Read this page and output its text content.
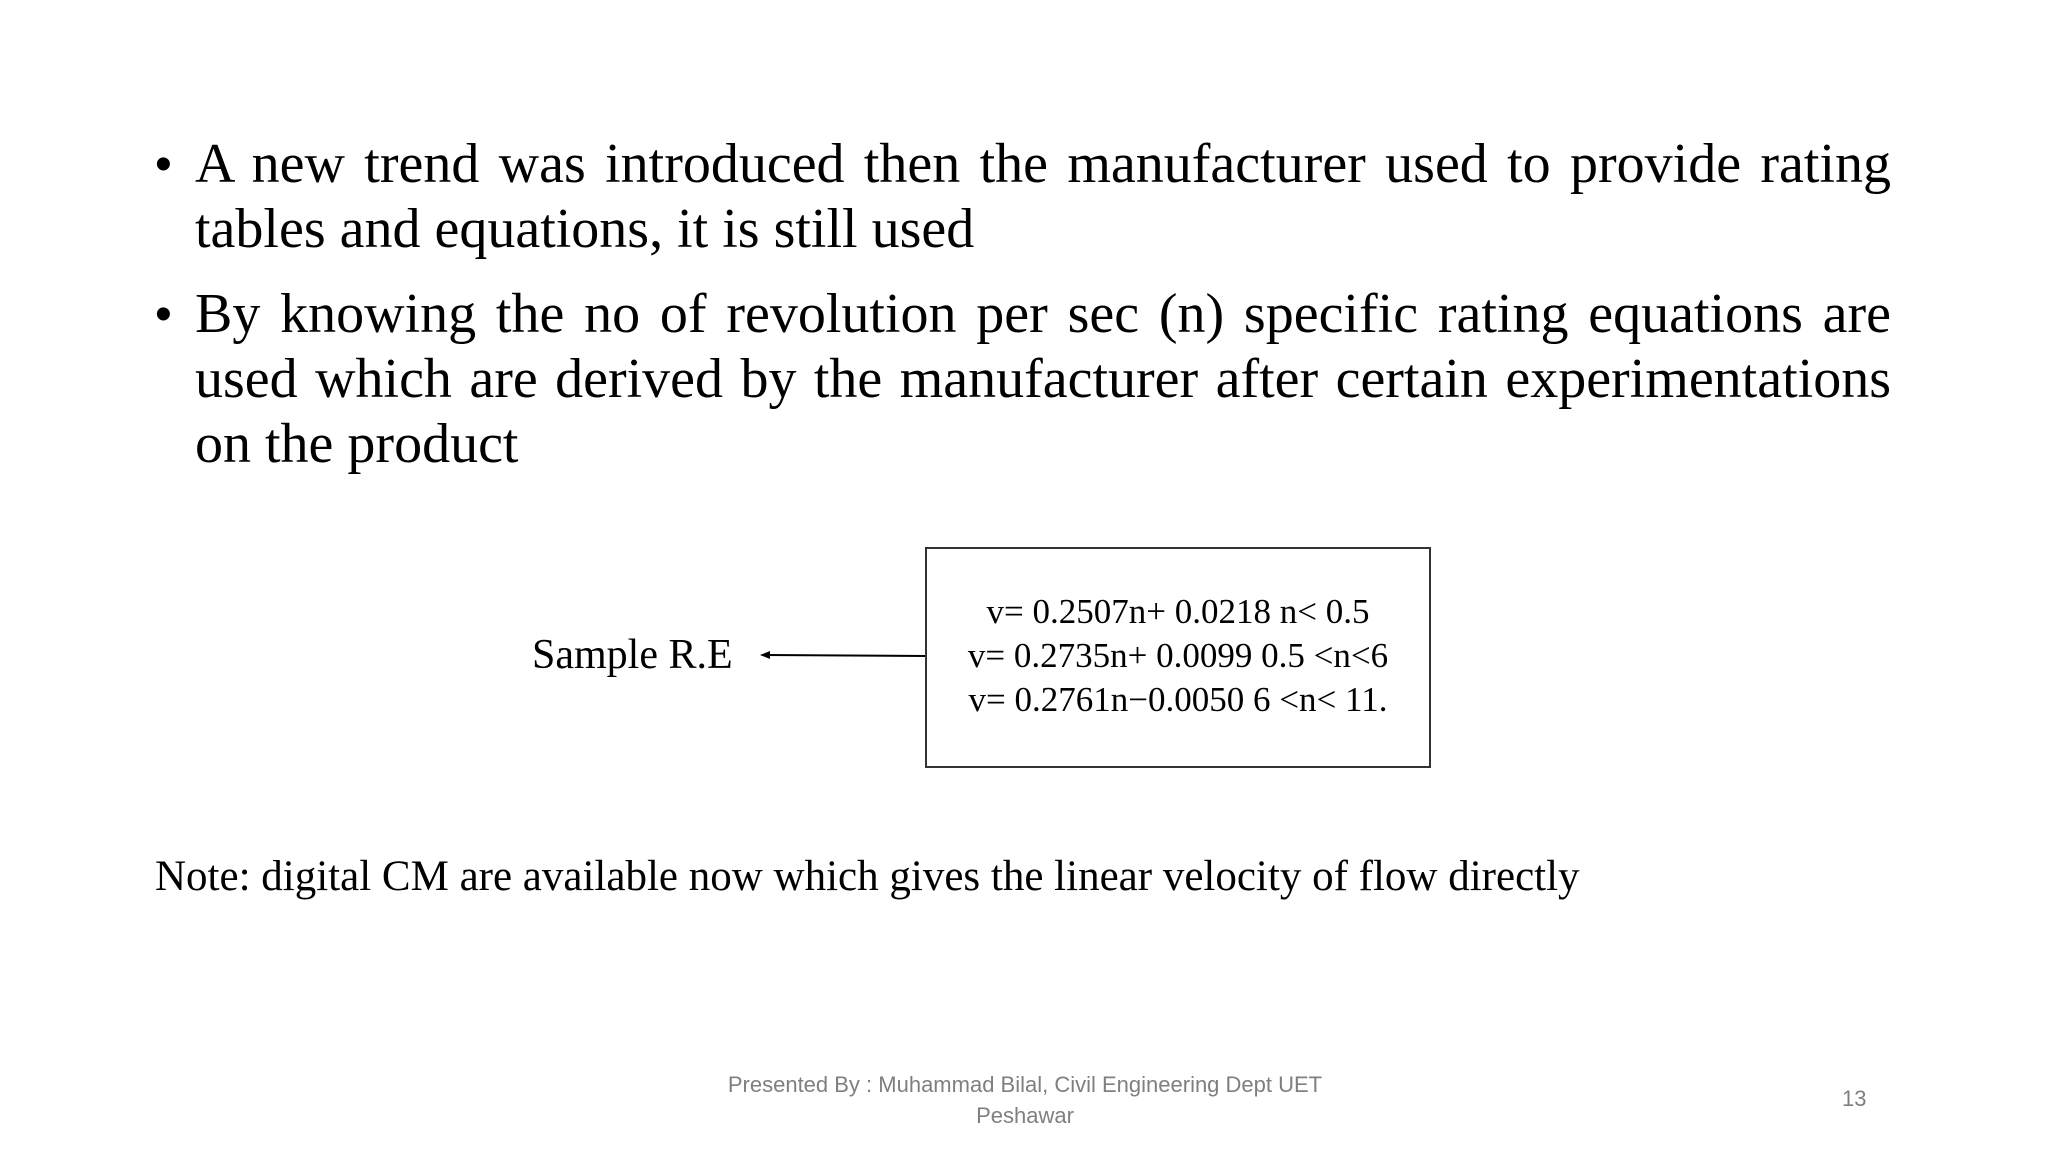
• A new trend was introduced then the manufacturer used to provide rating tables and equations, it is still used
• By knowing the no of revolution per sec (n) specific rating equations are used which are derived by the manufacturer after certain experimentations on the product
Sample R.E
v= 0.2507n+ 0.0218 n< 0.5
v= 0.2735n+ 0.0099 0.5 <n<6
v= 0.2761n−0.0050 6 <n< 11.
Note: digital CM are available now which gives the linear velocity of flow directly
Presented By : Muhammad Bilal, Civil Engineering Dept UET
Peshawar
13
